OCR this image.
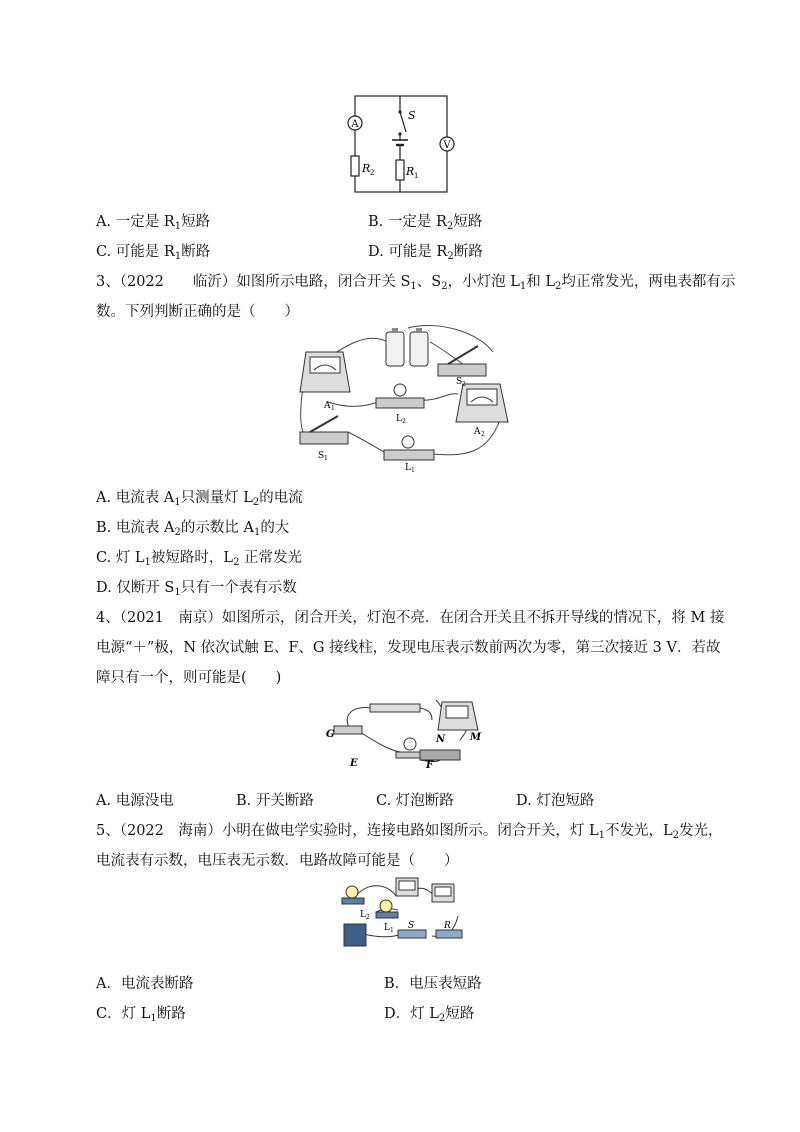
A
V
S
R 2	R 1
A. 一定是 $R_1$短路	B. 一定是 $R_2$短路
C. 可能是 $R_1$断路	D. 可能是 $R_2$断路
3、（2022　　临沂）如图所示电路，闭合开关 $S_1$、$S_2$，小灯泡 $L_1$和 $L_2$均正常发光，两电表都有示
数。下列判断正确的是（　　）
A 1
A 2
S 2
L 2
S 1
L 1
A. 电流表 $A_1$只测量灯 $L_2$的电流
B. 电流表 $A_2$的示数比 $A_1$的大
C. 灯 $L_1$被短路时，$L_2$ 正常发光
D. 仅断开 $S_1$只有一个表有示数
4、（2021　南京）如图所示，闭合开关，灯泡不亮．在闭合开关且不拆开导线的情况下，将 M 接
电源“＋”极，N 依次试触 E、F、G 接线柱，发现电压表示数前两次为零，第三次接近 3 V．若故
障只有一个，则可能是(　　)
G
E	F
N M
A. 电源没电	B. 开关断路	C. 灯泡断路	D. 灯泡短路
5、（2022　海南）小明在做电学实验时，连接电路如图所示。闭合开关，灯 $L_1$不发光，$L_2$发光，
电流表有示数，电压表无示数．电路故障可能是（　　）
L 2
L 1 S	R
A．电流表断路	B．电压表短路
C．灯 $L_1$断路	D．灯 $L_2$短路
